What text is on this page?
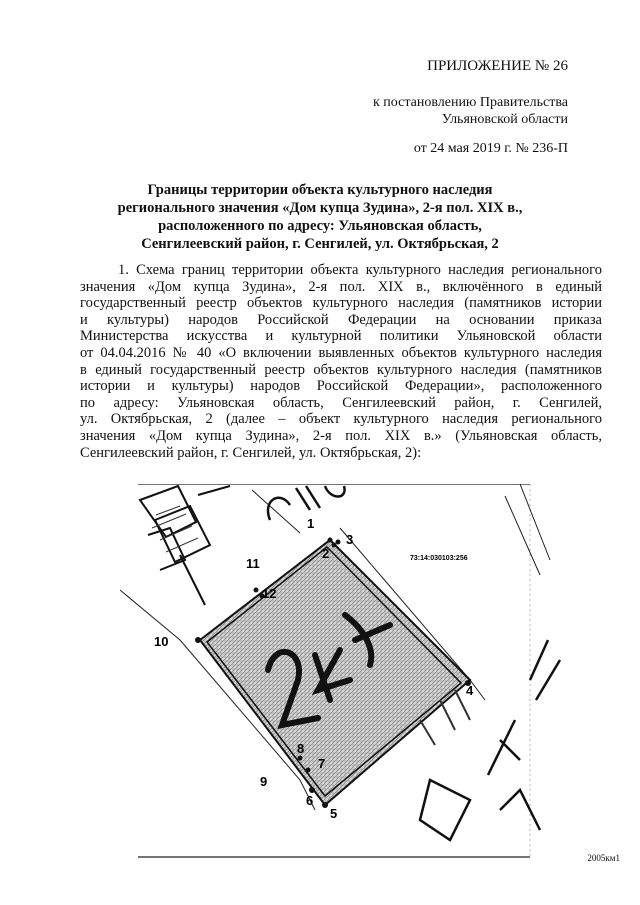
ПРИЛОЖЕНИЕ № 26
к постановлению Правительства
Ульяновской области
от 24 мая 2019 г. № 236-П
Границы территории объекта культурного наследия
регионального значения «Дом купца Зудина», 2-я пол. XIX в.,
расположенного по адресу: Ульяновская область,
Сенгилеевский район, г. Сенгилей, ул. Октябрьская, 2
1. Схема границ территории объекта культурного наследия регионального
значения «Дом купца Зудина», 2-я пол. XIX в., включённого в единый
государственный реестр объектов культурного наследия (памятников истории
и культуры) народов Российской Федерации на основании приказа
Министерства искусства и культурной политики Ульяновской области
от 04.04.2016 № 40 «О включении выявленных объектов культурного наследия
в единый государственный реестр объектов культурного наследия (памятников
истории и культуры) народов Российской Федерации», расположенного
по адресу: Ульяновская область, Сенгилеевский район, г. Сенгилей,
ул. Октябрьская, 2 (далее – объект культурного наследия регионального
значения «Дом купца Зудина», 2-я пол. XIX в.» (Ульяновская область,
Сенгилеевский район, г. Сенгилей, ул. Октябрьская, 2):
73:14:030103:256
1
2
3
4
5
6
7
8
9
10
11
12
2005км1
